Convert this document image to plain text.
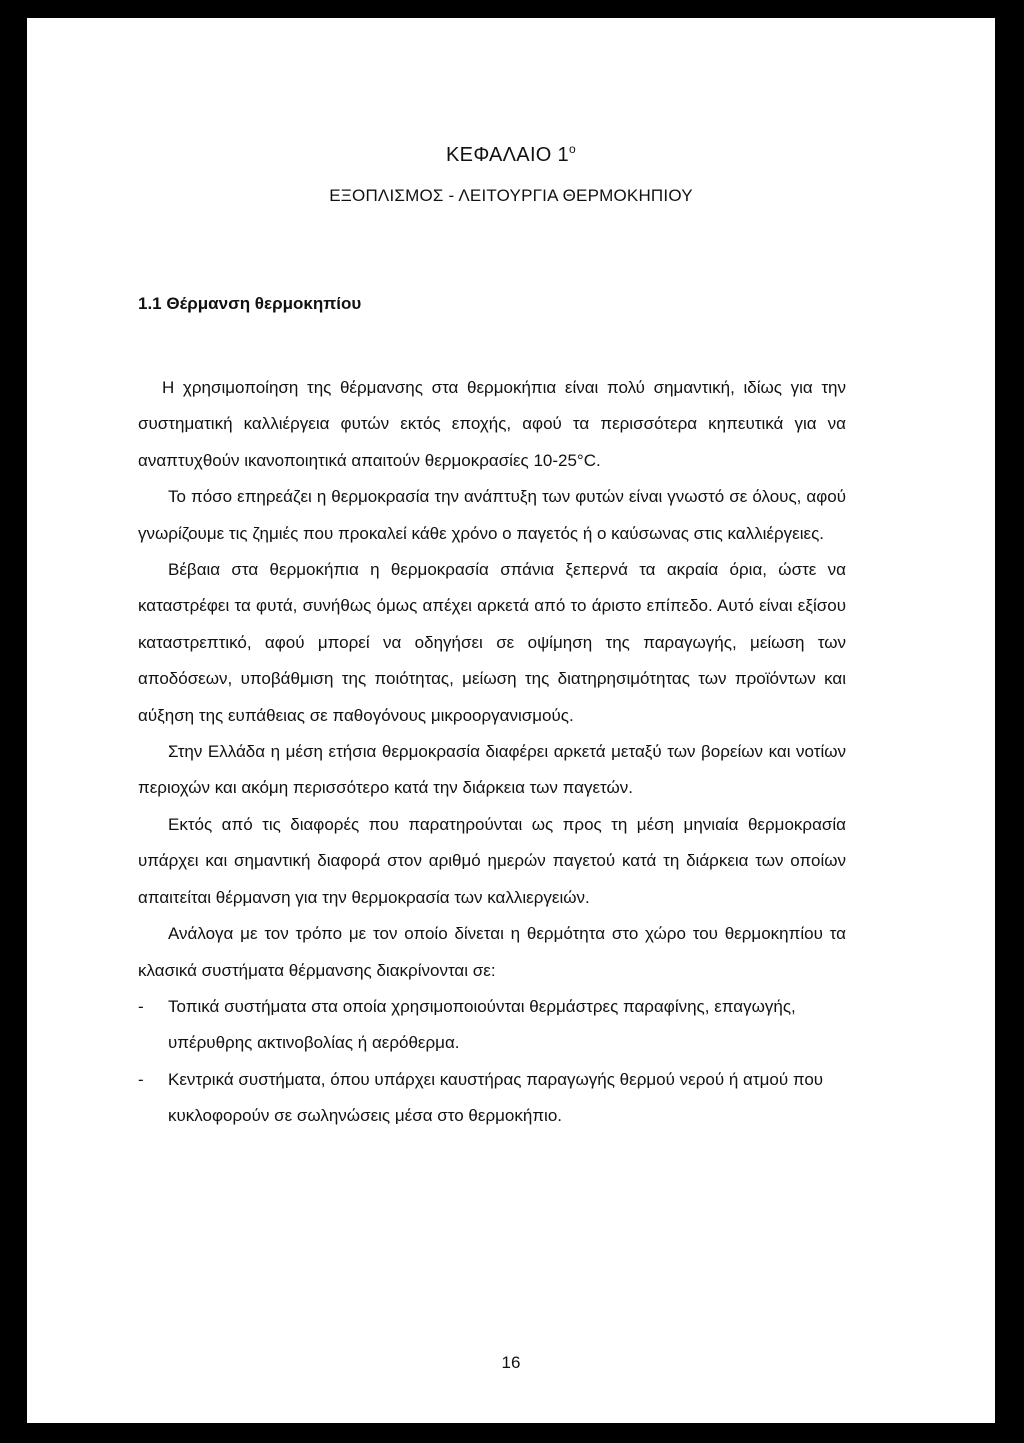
ΚΕΦΑΛΑΙΟ $1^o$
ΕΞΟΠΛΙΣΜΟΣ - ΛΕΙΤΟΥΡΓΙΑ ΘΕΡΜΟΚΗΠΙΟΥ
1.1 Θέρμανση θερμοκηπίου

Η χρησιμοποίηση της θέρμανσης στα θερμοκήπια είναι πολύ σημαντική, ιδίως για την συστηματική καλλιέργεια φυτών εκτός εποχής, αφού τα περισσότερα κηπευτικά για να αναπτυχθούν ικανοποιητικά απαιτούν θερμοκρασίες 10-25°C.

Το πόσο επηρεάζει η θερμοκρασία την ανάπτυξη των φυτών είναι γνωστό σε όλους, αφού γνωρίζουμε τις ζημιές που προκαλεί κάθε χρόνο ο παγετός ή ο καύσωνας στις καλλιέργειες.

Βέβαια στα θερμοκήπια η θερμοκρασία σπάνια ξεπερνά τα ακραία όρια, ώστε να καταστρέφει τα φυτά, συνήθως όμως απέχει αρκετά από το άριστο επίπεδο. Αυτό είναι εξίσου καταστρεπτικό, αφού μπορεί να οδηγήσει σε οψίμηση της παραγωγής, μείωση των αποδόσεων, υποβάθμιση της ποιότητας, μείωση της διατηρησιμότητας των προϊόντων και αύξηση της ευπάθειας σε παθογόνους μικροοργανισμούς.

Στην Ελλάδα η μέση ετήσια θερμοκρασία διαφέρει αρκετά μεταξύ των βορείων και νοτίων περιοχών και ακόμη περισσότερο κατά την διάρκεια των παγετών.

Εκτός από τις διαφορές που παρατηρούνται ως προς τη μέση μηνιαία θερμοκρασία υπάρχει και σημαντική διαφορά στον αριθμό ημερών παγετού κατά τη διάρκεια των οποίων απαιτείται θέρμανση για την θερμοκρασία των καλλιεργειών.

Ανάλογα με τον τρόπο με τον οποίο δίνεται η θερμότητα στο χώρο του θερμοκηπίου τα κλασικά συστήματα θέρμανσης διακρίνονται σε:

-	Τοπικά συστήματα στα οποία χρησιμοποιούνται θερμάστρες παραφίνης, επαγωγής, υπέρυθρης ακτινοβολίας ή αερόθερμα.
-	Κεντρικά συστήματα, όπου υπάρχει καυστήρας παραγωγής θερμού νερού ή ατμού που κυκλοφορούν σε σωληνώσεις μέσα στο θερμοκήπιο.
16
